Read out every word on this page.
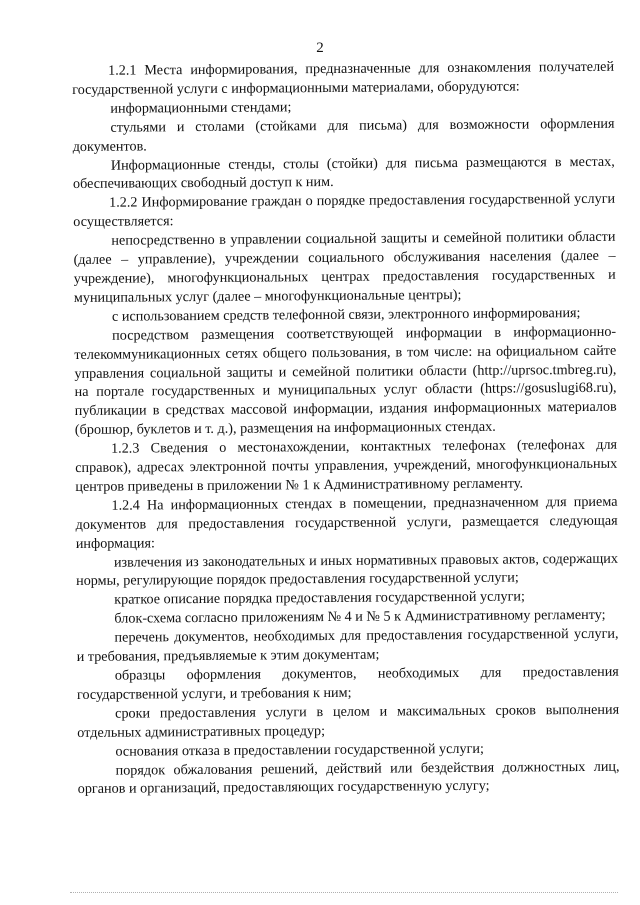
2

1.2.1 Места информирования, предназначенные для ознакомления получателей государственной услуги с информационными материалами, оборудуются:

информационными стендами;

стульями и столами (стойками для письма) для возможности оформления документов.

Информационные стенды, столы (стойки) для письма размещаются в местах, обеспечивающих свободный доступ к ним.

1.2.2 Информирование граждан о порядке предоставления государственной услуги осуществляется:

непосредственно в управлении социальной защиты и семейной политики области (далее – управление), учреждении социального обслуживания населения (далее – учреждение), многофункциональных центрах предоставления государственных и муниципальных услуг (далее – многофункциональные центры);

с использованием средств телефонной связи, электронного информирования;

посредством размещения соответствующей информации в информационно-телекоммуникационных сетях общего пользования, в том числе: на официальном сайте управления социальной защиты и семейной политики области (http://uprsoc.tmbreg.ru), на портале государственных и муниципальных услуг области (https://gosuslugi68.ru), публикации в средствах массовой информации, издания информационных материалов (брошюр, буклетов и т. д.), размещения на информационных стендах.

1.2.3 Сведения о местонахождении, контактных телефонах (телефонах для справок), адресах электронной почты управления, учреждений, многофункциональных центров приведены в приложении № 1 к Административному регламенту.

1.2.4 На информационных стендах в помещении, предназначенном для приема документов для предоставления государственной услуги, размещается следующая информация:

извлечения из законодательных и иных нормативных правовых актов, содержащих нормы, регулирующие порядок предоставления государственной услуги;

краткое описание порядка предоставления государственной услуги;

блок-схема согласно приложениям № 4 и № 5 к Административному регламенту;

перечень документов, необходимых для предоставления государственной услуги, и требования, предъявляемые к этим документам;

образцы оформления документов, необходимых для предоставления государственной услуги, и требования к ним;

сроки предоставления услуги в целом и максимальных сроков выполнения отдельных административных процедур;

основания отказа в предоставлении государственной услуги;

порядок обжалования решений, действий или бездействия должностных лиц, органов и организаций, предоставляющих государственную услугу;
